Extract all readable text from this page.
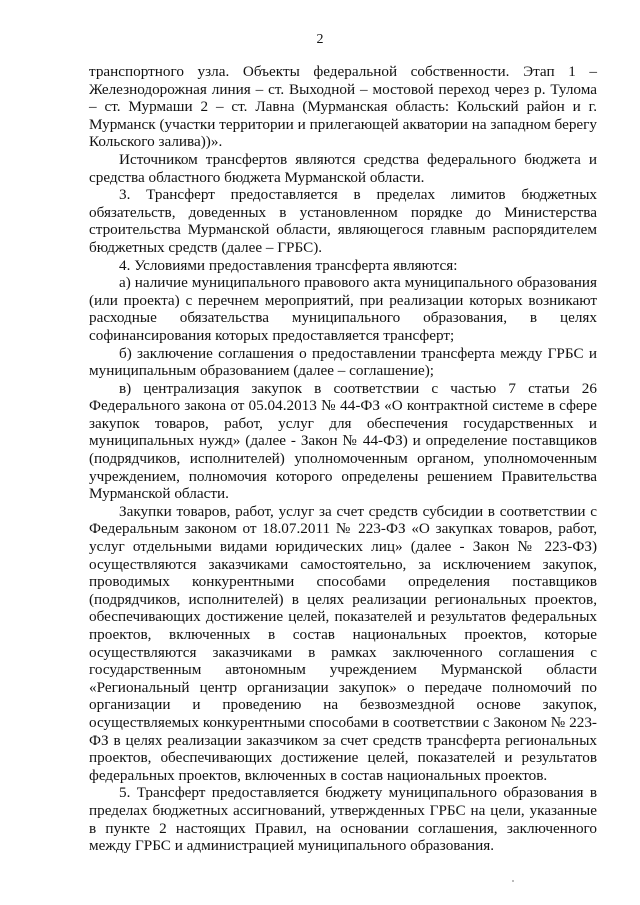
2

транспортного узла. Объекты федеральной собственности. Этап 1 – Железнодорожная линия – ст. Выходной – мостовой переход через р. Тулома – ст. Мурмаши 2 – ст. Лавна (Мурманская область: Кольский район и г. Мурманск (участки территории и прилегающей акватории на западном берегу Кольского залива))».

Источником трансфертов являются средства федерального бюджета и средства областного бюджета Мурманской области.

3. Трансферт предоставляется в пределах лимитов бюджетных обязательств, доведенных в установленном порядке до Министерства строительства Мурманской области, являющегося главным распорядителем бюджетных средств (далее – ГРБС).

4. Условиями предоставления трансферта являются:

а) наличие муниципального правового акта муниципального образования (или проекта) с перечнем мероприятий, при реализации которых возникают расходные обязательства муниципального образования, в целях софинансирования которых предоставляется трансферт;

б) заключение соглашения о предоставлении трансферта между ГРБС и муниципальным образованием (далее – соглашение);

в) централизация закупок в соответствии с частью 7 статьи 26 Федерального закона от 05.04.2013 № 44-ФЗ «О контрактной системе в сфере закупок товаров, работ, услуг для обеспечения государственных и муниципальных нужд» (далее - Закон № 44-ФЗ) и определение поставщиков (подрядчиков, исполнителей) уполномоченным органом, уполномоченным учреждением, полномочия которого определены решением Правительства Мурманской области.

Закупки товаров, работ, услуг за счет средств субсидии в соответствии с Федеральным законом от 18.07.2011 № 223-ФЗ «О закупках товаров, работ, услуг отдельными видами юридических лиц» (далее - Закон № 223-ФЗ) осуществляются заказчиками самостоятельно, за исключением закупок, проводимых конкурентными способами определения поставщиков (подрядчиков, исполнителей) в целях реализации региональных проектов, обеспечивающих достижение целей, показателей и результатов федеральных проектов, включенных в состав национальных проектов, которые осуществляются заказчиками в рамках заключенного соглашения с государственным автономным учреждением Мурманской области «Региональный центр организации закупок» о передаче полномочий по организации и проведению на безвозмездной основе закупок, осуществляемых конкурентными способами в соответствии с Законом № 223-ФЗ в целях реализации заказчиком за счет средств трансферта региональных проектов, обеспечивающих достижение целей, показателей и результатов федеральных проектов, включенных в состав национальных проектов.

5. Трансферт предоставляется бюджету муниципального образования в пределах бюджетных ассигнований, утвержденных ГРБС на цели, указанные в пункте 2 настоящих Правил, на основании соглашения, заключенного между ГРБС и администрацией муниципального образования.
